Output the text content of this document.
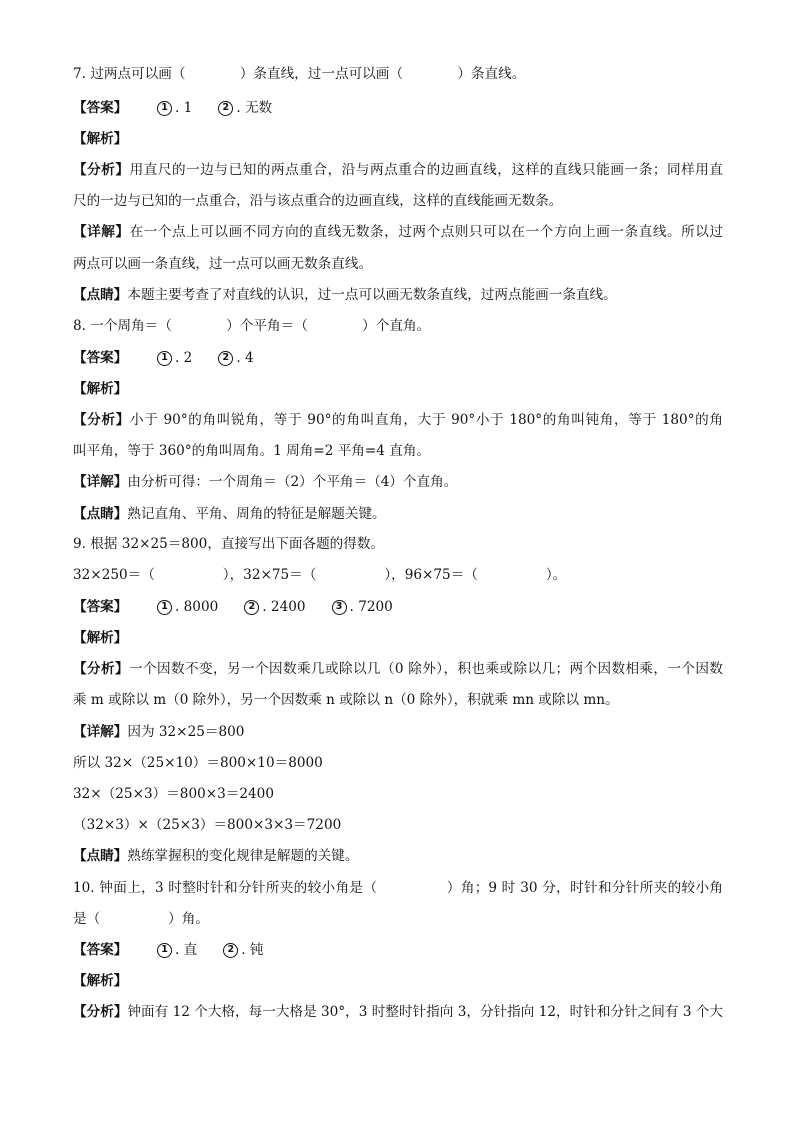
7. 过两点可以画（　　　　）条直线，过一点可以画（　　　　）条直线。
【答案】	1 . 1	2 . 无数
【解析】
【分析】用直尺的一边与已知的两点重合，沿与两点重合的边画直线，这样的直线只能画一条；同样用直
尺的一边与已知的一点重合，沿与该点重合的边画直线，这样的直线能画无数条。
【详解】在一个点上可以画不同方向的直线无数条，过两个点则只可以在一个方向上画一条直线。所以过
两点可以画一条直线，过一点可以画无数条直线。
【点睛】本题主要考查了对直线的认识，过一点可以画无数条直线，过两点能画一条直线。
8. 一个周角＝（　　　　）个平角＝（　　　　）个直角。
【答案】	1 . 2	2 . 4
【解析】
【分析】小于 90°的角叫锐角，等于 90°的角叫直角，大于 90°小于 180°的角叫钝角，等于 180°的角
叫平角，等于 360°的角叫周角。1 周角=2 平角=4 直角。
【详解】由分析可得：一个周角＝（2）个平角＝（4）个直角。
【点睛】熟记直角、平角、周角的特征是解题关键。
9. 根据 32×25＝800，直接写出下面各题的得数。
32×250＝（　　　　　），32×75＝（　　　　　），96×75＝（　　　　　）。
【答案】	1 . 8000	2 . 2400	3 . 7200
【解析】
【分析】一个因数不变，另一个因数乘几或除以几（0 除外），积也乘或除以几；两个因数相乘，一个因数
乘 m 或除以 m（0 除外），另一个因数乘 n 或除以 n（0 除外），积就乘 mn 或除以 mn。
【详解】因为 32×25＝800
所以 32×（25×10）＝800×10＝8000
32×（25×3）＝800×3＝2400
（32×3）×（25×3）＝800×3×3＝7200
【点睛】熟练掌握积的变化规律是解题的关键。
10. 钟面上，3 时整时针和分针所夹的较小角是（　　　　　）角；9 时 30 分，时针和分针所夹的较小角
是（　　　　　）角。
【答案】	1 . 直	2 . 钝
【解析】
【分析】钟面有 12 个大格，每一大格是 30°，3 时整时针指向 3，分针指向 12，时针和分针之间有 3 个大
